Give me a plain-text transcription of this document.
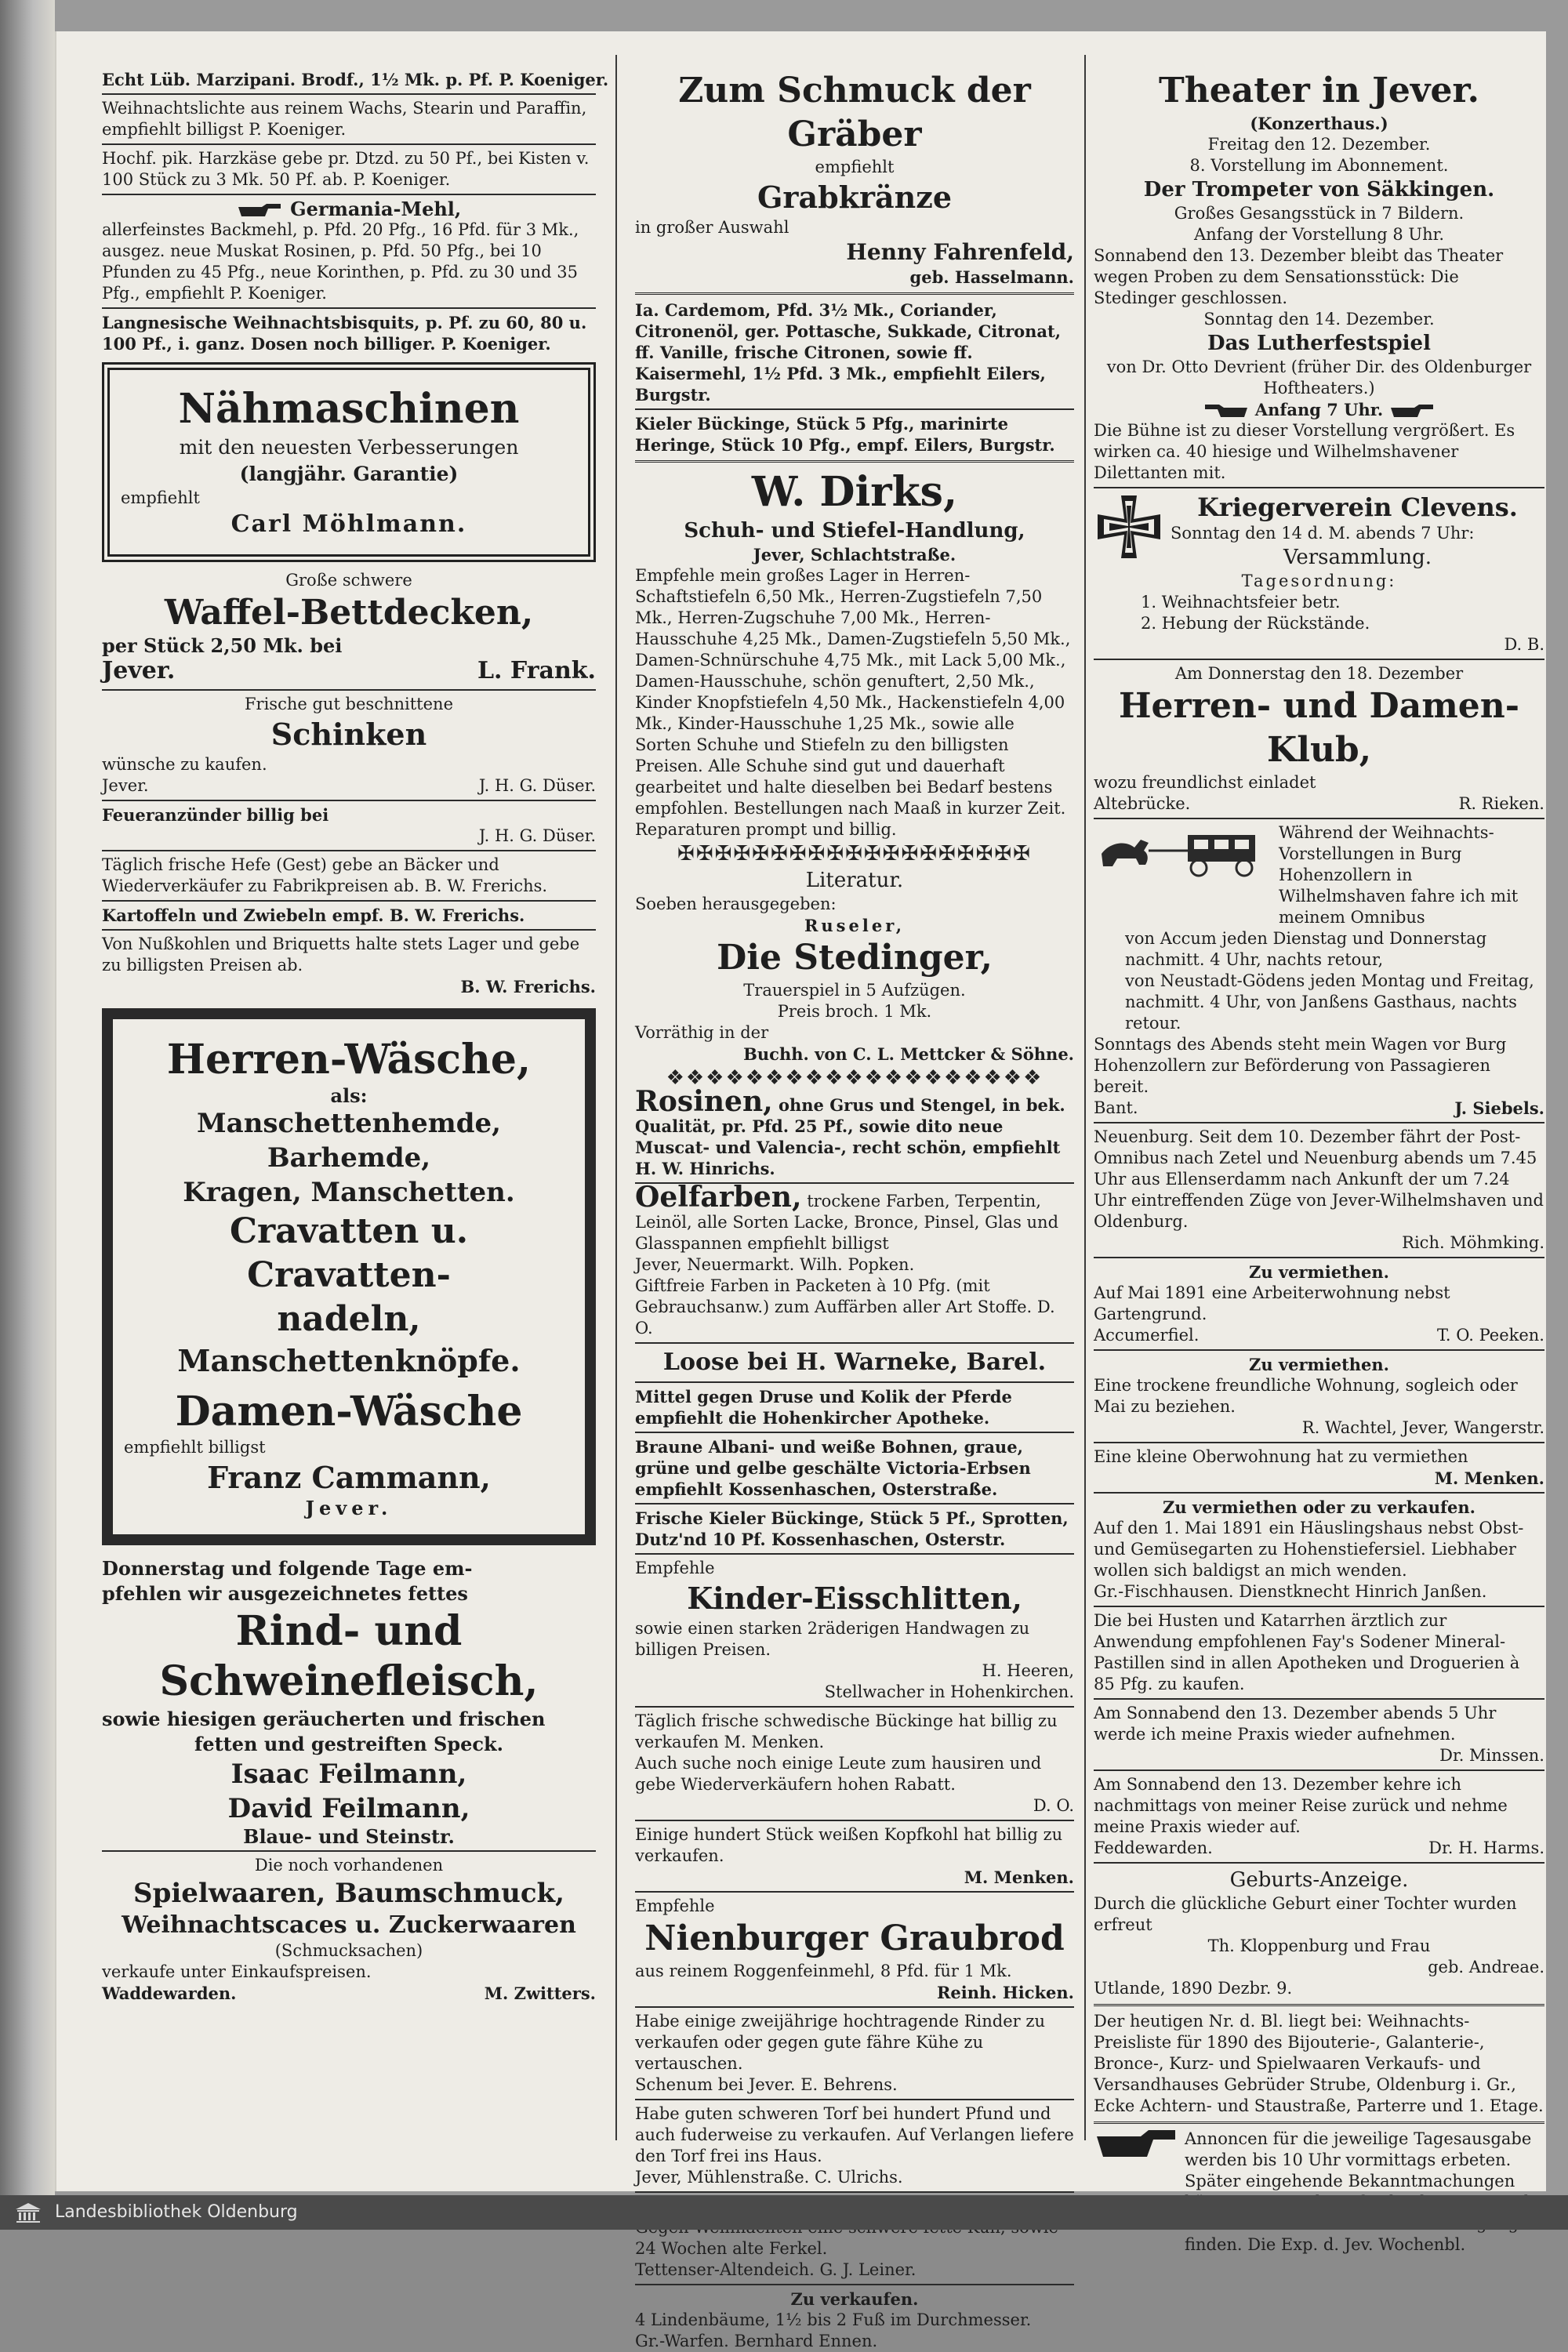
Echt Lüb. Marzipani. Brodf., 1½ Mk. p. Pf. P. Koeniger.

Weihnachtslichte aus reinem Wachs, Stearin und Paraffin, empfiehlt billigst P. Koeniger.

Hochf. pik. Harzkäse gebe pr. Dtzd. zu 50 Pf., bei Kisten v. 100 Stück zu 3 Mk. 50 Pf. ab. P. Koeniger.

Germania-Mehl,

allerfeinstes Backmehl, p. Pfd. 20 Pfg., 16 Pfd. für 3 Mk., ausgez. neue Muskat Rosinen, p. Pfd. 50 Pfg., bei 10 Pfunden zu 45 Pfg., neue Korinthen, p. Pfd. zu 30 und 35 Pfg., empfiehlt P. Koeniger.

Langnesische Weihnachtsbisquits, p. Pf. zu 60, 80 u. 100 Pf., i. ganz. Dosen noch billiger. P. Koeniger.

Nähmaschinen

mit den neuesten Verbesserungen

(langjähr. Garantie)

empfiehlt

Carl Möhlmann.

Große schwere

Waffel-Bettdecken,

per Stück 2,50 Mk. bei

Jever.	L. Frank.

Frische gut beschnittene

Schinken

wünsche zu kaufen.

Jever.	J. H. G. Düser.

Feueranzünder billig bei

J. H. G. Düser.

Täglich frische Hefe (Gest) gebe an Bäcker und Wiederverkäufer zu Fabrikpreisen ab. B. W. Frerichs.

Kartoffeln und Zwiebeln empf. B. W. Frerichs.

Von Nußkohlen und Briquetts halte stets Lager und gebe zu billigsten Preisen ab.

B. W. Frerichs.

Herren-Wäsche,

als:

Manschettenhemde,

Barhemde,

Kragen, Manschetten.

Cravatten u. Cravatten-

nadeln,

Manschettenknöpfe.

Damen-Wäsche

empfiehlt billigst

Franz Cammann,

Jever.

Donnerstag und folgende Tage em-

pfehlen wir ausgezeichnetes fettes

Rind- und

Schweinefleisch,

sowie hiesigen geräucherten und frischen

fetten und gestreiften Speck.

Isaac Feilmann,

David Feilmann,

Blaue- und Steinstr.

Die noch vorhandenen

Spielwaaren, Baumschmuck,

Weihnachtscaces u. Zuckerwaaren

(Schmucksachen)

verkaufe unter Einkaufspreisen.

Waddewarden.	M. Zwitters.

Zum Schmuck der Gräber

empfiehlt

Grabkränze

in großer Auswahl

Henny Fahrenfeld,

geb. Hasselmann.

Ia. Cardemom, Pfd. 3½ Mk., Coriander, Citronenöl, ger. Pottasche, Sukkade, Citronat, ff. Vanille, frische Citronen, sowie ff. Kaisermehl, 1½ Pfd. 3 Mk., empfiehlt Eilers, Burgstr.

Kieler Bückinge, Stück 5 Pfg., marinirte Heringe, Stück 10 Pfg., empf. Eilers, Burgstr.

W. Dirks,

Schuh- und Stiefel-Handlung,

Jever, Schlachtstraße.

Empfehle mein großes Lager in Herren-Schaftstiefeln 6,50 Mk., Herren-Zugstiefeln 7,50 Mk., Herren-Zugschuhe 7,00 Mk., Herren-Hausschuhe 4,25 Mk., Damen-Zugstiefeln 5,50 Mk., Damen-Schnürschuhe 4,75 Mk., mit Lack 5,00 Mk., Damen-Hausschuhe, schön genuftert, 2,50 Mk., Kinder Knopfstiefeln 4,50 Mk., Hackenstiefeln 4,00 Mk., Kinder-Hausschuhe 1,25 Mk., sowie alle Sorten Schuhe und Stiefeln zu den billigsten Preisen. Alle Schuhe sind gut und dauerhaft gearbeitet und halte dieselben bei Bedarf bestens empfohlen. Bestellungen nach Maaß in kurzer Zeit. Reparaturen prompt und billig.

✠✠✠✠✠✠✠✠✠✠✠✠✠✠✠✠✠✠✠

Literatur.

Soeben herausgegeben:

Ruseler,

Die Stedinger,

Trauerspiel in 5 Aufzügen.

Preis broch. 1 Mk.

Vorräthig in der

Buchh. von C. L. Mettcker & Söhne.

❖❖❖❖❖❖❖❖❖❖❖❖❖❖❖❖❖❖❖

Rosinen, ohne Grus und Stengel, in bek. Qualität, pr. Pfd. 25 Pf., sowie dito neue Muscat- und Valencia-, recht schön, empfiehlt H. W. Hinrichs.

Oelfarben, trockene Farben, Terpentin, Leinöl, alle Sorten Lacke, Bronce, Pinsel, Glas und Glasspannen empfiehlt billigst

Jever, Neuermarkt. Wilh. Popken.

Giftfreie Farben in Packeten à 10 Pfg. (mit Gebrauchsanw.) zum Auffärben aller Art Stoffe. D. O.

Loose bei H. Warneke, Barel.

Mittel gegen Druse und Kolik der Pferde empfiehlt die Hohenkircher Apotheke.

Braune Albani- und weiße Bohnen, graue, grüne und gelbe geschälte Victoria-Erbsen empfiehlt Kossenhaschen, Osterstraße.

Frische Kieler Bückinge, Stück 5 Pf., Sprotten, Dutz'nd 10 Pf. Kossenhaschen, Osterstr.

Empfehle

Kinder-Eisschlitten,

sowie einen starken 2räderigen Handwagen zu billigen Preisen.

H. Heeren,

Stellwacher in Hohenkirchen.

Täglich frische schwedische Bückinge hat billig zu verkaufen M. Menken.

Auch suche noch einige Leute zum hausiren und gebe Wiederverkäufern hohen Rabatt.

D. O.

Einige hundert Stück weißen Kopfkohl hat billig zu verkaufen.

M. Menken.

Empfehle

Nienburger Graubrod

aus reinem Roggenfeinmehl, 8 Pfd. für 1 Mk.

Reinh. Hicken.

Habe einige zweijährige hochtragende Rinder zu verkaufen oder gegen gute fähre Kühe zu vertauschen.

Schenum bei Jever. E. Behrens.

Habe guten schweren Torf bei hundert Pfund und auch fuderweise zu verkaufen. Auf Verlangen liefere den Torf frei ins Haus.

Jever, Mühlenstraße. C. Ulrichs.

24 Wochen alte Ferkel.

Tettenser-Altendeich. G. J. Leiner.

Zu verkaufen.

4 Lindenbäume, 1½ bis 2 Fuß im Durchmesser.

Gr.-Warfen. Bernhard Ennen.

Theater in Jever.

(Konzerthaus.)

Freitag den 12. Dezember.

8. Vorstellung im Abonnement.

Der Trompeter von Säkkingen.

Großes Gesangsstück in 7 Bildern.

Anfang der Vorstellung 8 Uhr.

Sonnabend den 13. Dezember bleibt das Theater wegen Proben zu dem Sensationsstück: Die Stedinger geschlossen.

Sonntag den 14. Dezember.

Das Lutherfestspiel

von Dr. Otto Devrient (früher Dir. des Oldenburger Hoftheaters.)

Anfang 7 Uhr.

Die Bühne ist zu dieser Vorstellung vergrößert. Es wirken ca. 40 hiesige und Wilhelmshavener Dilettanten mit.

Kriegerverein Clevens.

Sonntag den 14 d. M. abends 7 Uhr:

Versammlung.

Tagesordnung:

1. Weihnachtsfeier betr.

2. Hebung der Rückstände.

D. B.

Am Donnerstag den 18. Dezember

Herren- und Damen-Klub,

wozu freundlichst einladet

Altebrücke.	R. Rieken.

Während der Weihnachts-Vorstellungen in Burg Hohenzollern in Wilhelmshaven fahre ich mit meinem Omnibus

von Accum jeden Dienstag und Donnerstag nachmitt. 4 Uhr, nachts retour,

von Neustadt-Gödens jeden Montag und Freitag, nachmitt. 4 Uhr, von Janßens Gasthaus, nachts retour.

Sonntags des Abends steht mein Wagen vor Burg Hohenzollern zur Beförderung von Passagieren bereit.

Bant.	J. Siebels.

Neuenburg. Seit dem 10. Dezember fährt der Post-Omnibus nach Zetel und Neuenburg abends um 7.45 Uhr aus Ellenserdamm nach Ankunft der um 7.24 Uhr eintreffenden Züge von Jever-Wilhelmshaven und Oldenburg.

Rich. Möhmking.

Zu vermiethen.

Auf Mai 1891 eine Arbeiterwohnung nebst Gartengrund.

Accumerfiel.	T. O. Peeken.

Zu vermiethen.

Eine trockene freundliche Wohnung, sogleich oder Mai zu beziehen.

R. Wachtel, Jever, Wangerstr.

Eine kleine Oberwohnung hat zu vermiethen

M. Menken.

Zu vermiethen oder zu verkaufen.

Auf den 1. Mai 1891 ein Häuslingshaus nebst Obst- und Gemüsegarten zu Hohenstiefersiel. Liebhaber wollen sich baldigst an mich wenden.

Gr.-Fischhausen. Dienstknecht Hinrich Janßen.

Die bei Husten und Katarrhen ärztlich zur Anwendung empfohlenen Fay's Sodener Mineral-Pastillen sind in allen Apotheken und Droguerien à 85 Pfg. zu kaufen.

Am Sonnabend den 13. Dezember abends 5 Uhr werde ich meine Praxis wieder aufnehmen.

Dr. Minssen.

Am Sonnabend den 13. Dezember kehre ich nachmittags von meiner Reise zurück und nehme meine Praxis wieder auf.

Feddewarden.	Dr. H. Harms.

Geburts-Anzeige.

Durch die glückliche Geburt einer Tochter wurden erfreut

Th. Kloppenburg und Frau

geb. Andreae.

Utlande, 1890 Dezbr. 9.

Der heutigen Nr. d. Bl. liegt bei: Weihnachts-Preisliste für 1890 des Bijouterie-, Galanterie-, Bronce-, Kurz- und Spielwaaren Verkaufs- und Versandhauses Gebrüder Strube, Oldenburg i. Gr., Ecke Achtern- und Staustraße, Parterre und 1. Etage.

Annoncen für die jeweilige Tagesausgabe werden bis 10 Uhr vormittags erbeten. Später eingehende Bekanntmachungen finden. Die Exp. d. Jev. Wochenbl.

Landesbibliothek Oldenburg
